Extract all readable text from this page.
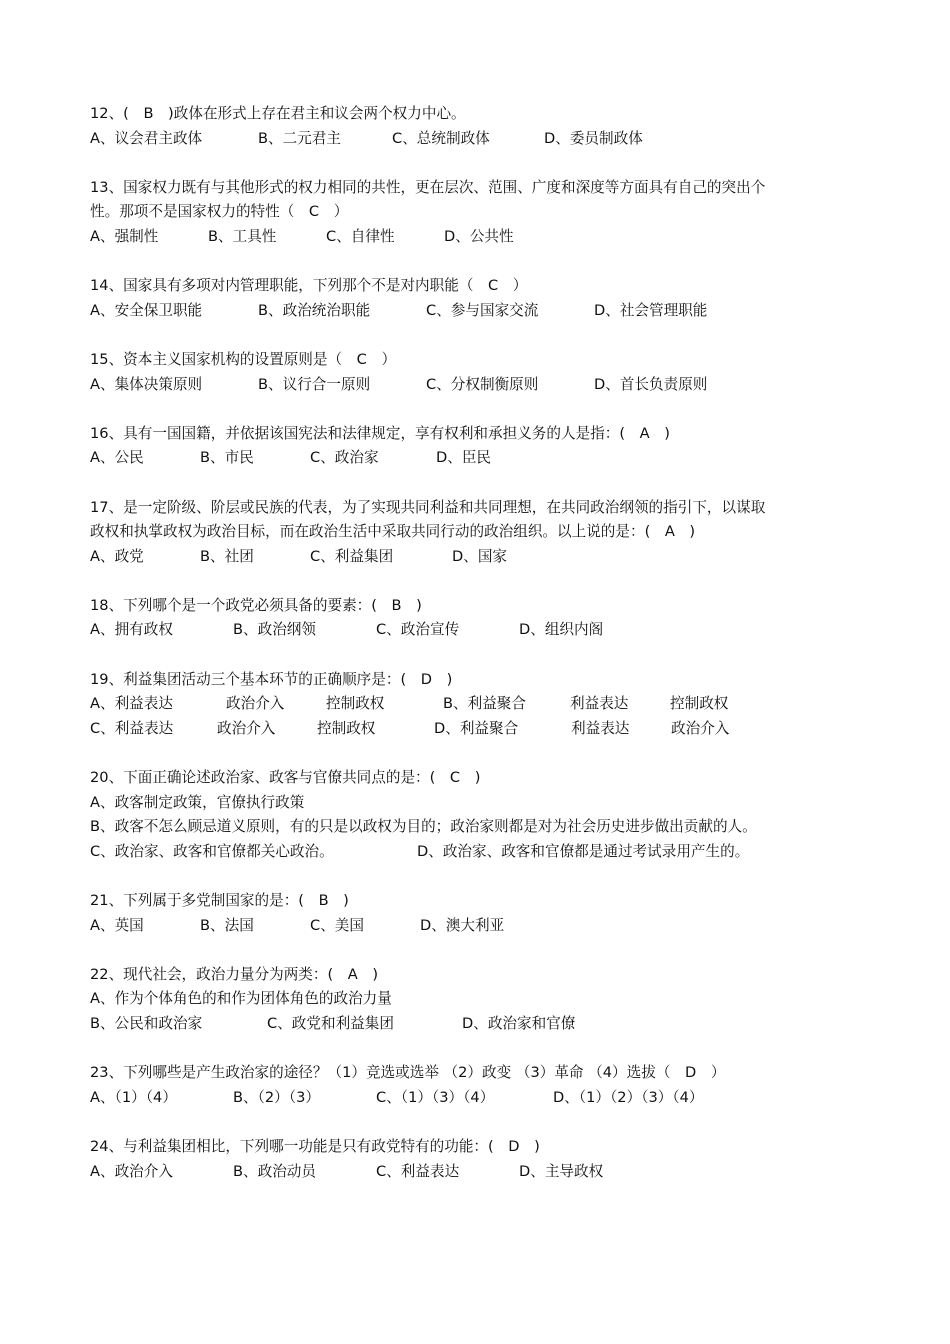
12、(　B　)政体在形式上存在君主和议会两个权力中心。
A、议会君主政体	B、二元君主	C、总统制政体	D、委员制政体
13、国家权力既有与其他形式的权力相同的共性，更在层次、范围、广度和深度等方面具有自己的突出个
性。那项不是国家权力的特性（　C　）
A、强制性	B、工具性	C、自律性	D、公共性
14、国家具有多项对内管理职能，下列那个不是对内职能（　C　）
A、安全保卫职能	B、政治统治职能	C、参与国家交流	D、社会管理职能
15、资本主义国家机构的设置原则是（　C　）
A、集体决策原则	B、议行合一原则	C、分权制衡原则	D、首长负责原则
16、具有一国国籍，并依据该国宪法和法律规定，享有权利和承担义务的人是指：(　A　)
A、公民	B、市民	C、政治家	D、臣民
17、是一定阶级、阶层或民族的代表，为了实现共同利益和共同理想，在共同政治纲领的指引下，以谋取
政权和执掌政权为政治目标，而在政治生活中采取共同行动的政治组织。以上说的是：(　A　)
A、政党	B、社团	C、利益集团	D、国家
18、下列哪个是一个政党必须具备的要素：(　B　)
A、拥有政权	B、政治纲领	C、政治宣传	D、组织内阁
19、利益集团活动三个基本环节的正确顺序是：(　D　)
A、利益表达	政治介入	控制政权	B、利益聚合	利益表达	控制政权
C、利益表达	政治介入	控制政权	D、利益聚合	利益表达	政治介入
20、下面正确论述政治家、政客与官僚共同点的是：(　C　)
A、政客制定政策，官僚执行政策
B、政客不怎么顾忌道义原则，有的只是以政权为目的；政治家则都是对为社会历史进步做出贡献的人。
C、政治家、政客和官僚都关心政治。	D、政治家、政客和官僚都是通过考试录用产生的。
21、下列属于多党制国家的是：(　B　)
A、英国	B、法国	C、美国	D、澳大利亚
22、现代社会，政治力量分为两类：(　A　)
A、作为个体角色的和作为团体角色的政治力量
B、公民和政治家	C、政党和利益集团	D、政治家和官僚
23、下列哪些是产生政治家的途径？（1）竞选或选举 （2）政变 （3）革命 （4）选拔（　D　）
A、（1）（4）	B、（2）（3）	C、（1）（3）（4）	D、（1）（2）（3）（4）
24、与利益集团相比，下列哪一功能是只有政党特有的功能：(　D　)
A、政治介入	B、政治动员	C、利益表达	D、主导政权
